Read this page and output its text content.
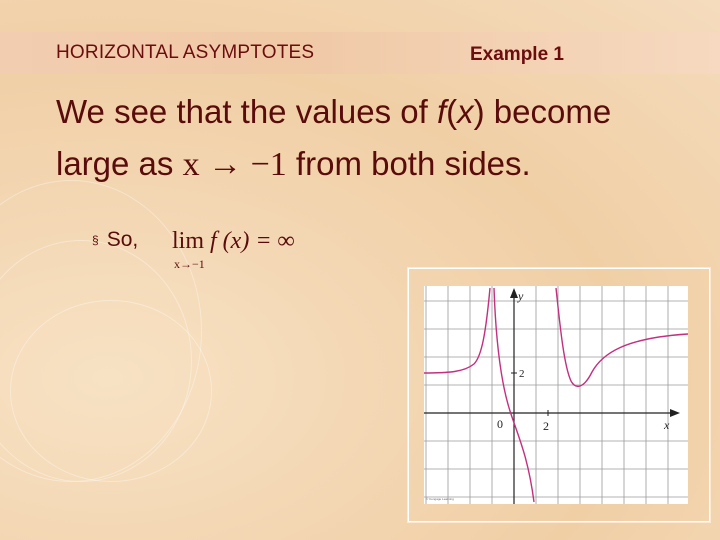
HORIZONTAL ASYMPTOTES	Example 1
We see that the values of f(x) become
large as x → −1 from both sides.
§ So, lim f (x) = ∞
x→−1
y
x
0	2
2
© Cengage Learning
